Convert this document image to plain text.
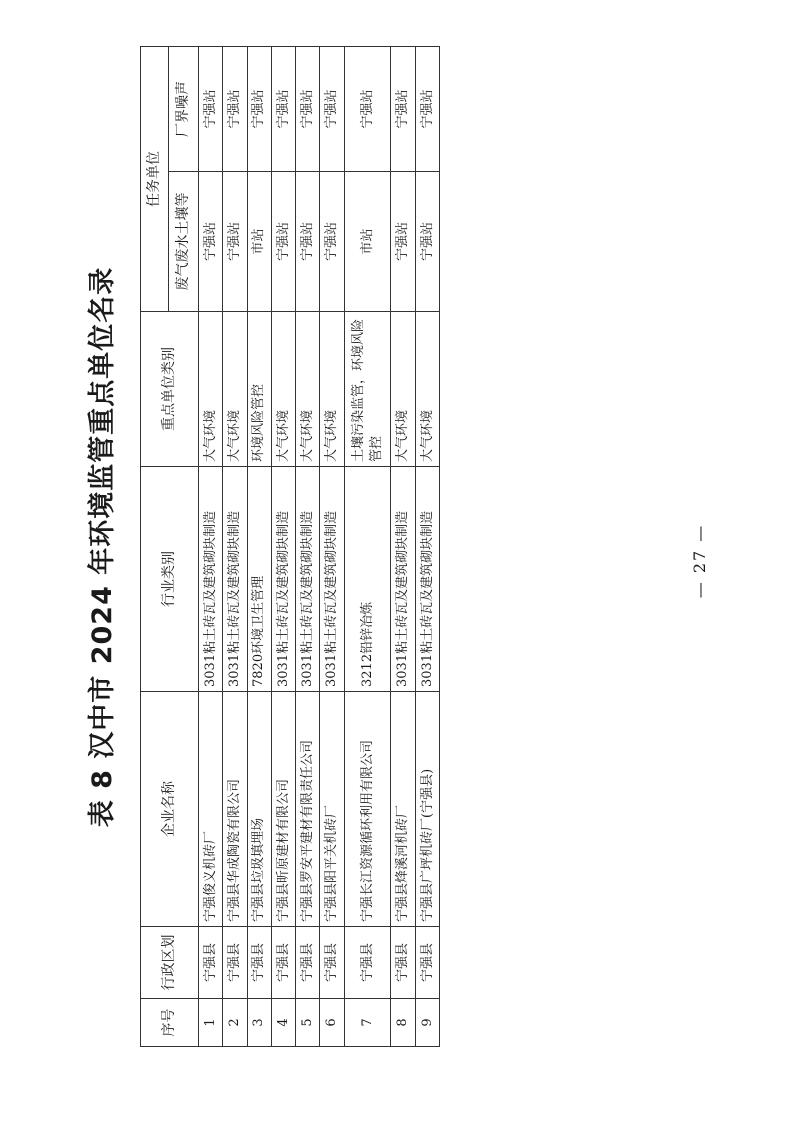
表 8 汉中市 2024 年环境监管重点单位名录
序号	行政区划	企业名称	行业类别	重点单位类别	任务单位	
					废气废水土壤等	厂界噪声
1	宁强县	宁强俊义机砖厂	3031粘土砖瓦及建筑砌块制造	大气环境	宁强站	宁强站
2	宁强县	宁强县华成陶瓷有限公司	3031粘土砖瓦及建筑砌块制造	大气环境	宁强站	宁强站
3	宁强县	宁强县垃圾填埋场	7820环境卫生管理	环境风险管控	市站	宁强站
4	宁强县	宁强县昕原建材有限公司	3031粘土砖瓦及建筑砌块制造	大气环境	宁强站	宁强站
5	宁强县	宁强县罗安平建材有限责任公司	3031粘土砖瓦及建筑砌块制造	大气环境	宁强站	宁强站
6	宁强县	宁强县阳平关机砖厂	3031粘土砖瓦及建筑砌块制造	大气环境	宁强站	宁强站
7	宁强县	宁强长江资源循环利用有限公司	3212铅锌冶炼	土壤污染监管，环境风险管控	市站	宁强站
8	宁强县	宁强县烽溪河机砖厂	3031粘土砖瓦及建筑砌块制造	大气环境	宁强站	宁强站
9	宁强县	宁强县广坪机砖厂(宁强县)	3031粘土砖瓦及建筑砌块制造	大气环境	宁强站	宁强站
— 27 —
